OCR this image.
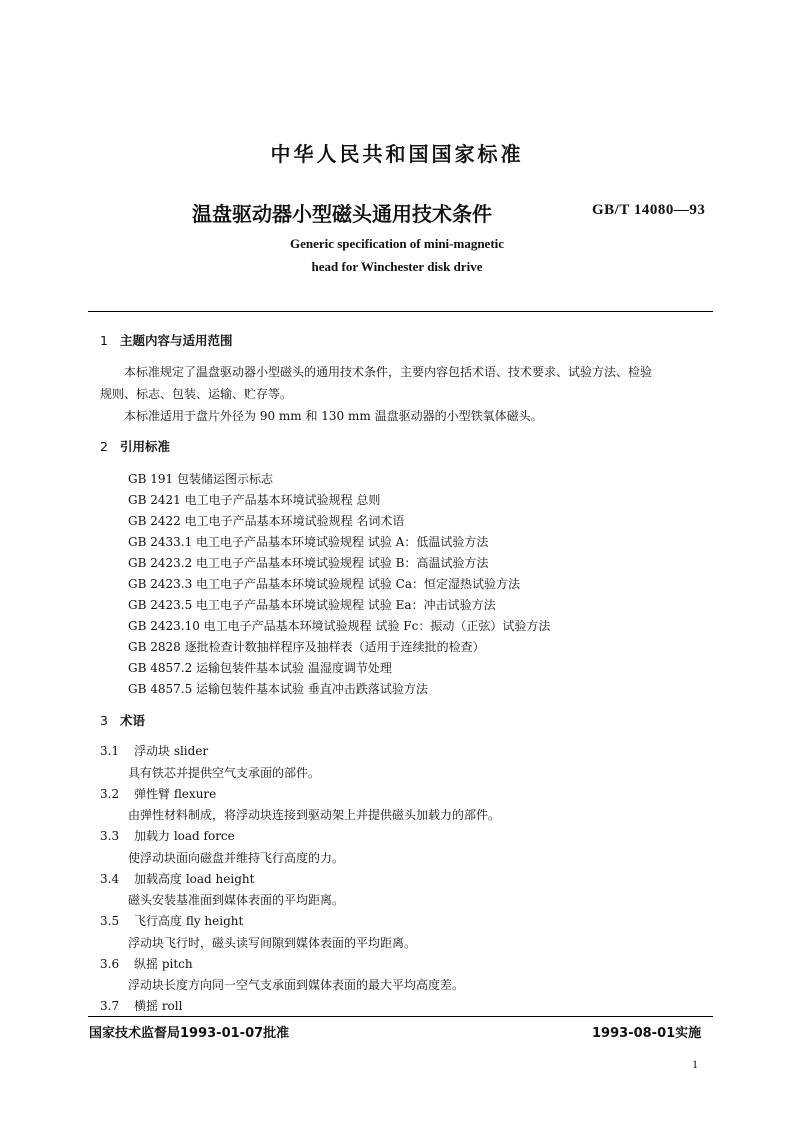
中华人民共和国国家标准
温盘驱动器小型磁头通用技术条件	GB/T 14080—93
Generic specification of mini-magnetic
head for Winchester disk drive
1 主题内容与适用范围
本标准规定了温盘驱动器小型磁头的通用技术条件，主要内容包括术语、技术要求、试验方法、检验
规则、标志、包装、运输、贮存等。
本标准适用于盘片外径为 90 mm 和 130 mm 温盘驱动器的小型铁氧体磁头。
2 引用标准
GB 191 包装储运图示标志
GB 2421 电工电子产品基本环境试验规程 总则
GB 2422 电工电子产品基本环境试验规程 名词术语
GB 2433.1 电工电子产品基本环境试验规程 试验 A：低温试验方法
GB 2423.2 电工电子产品基本环境试验规程 试验 B：高温试验方法
GB 2423.3 电工电子产品基本环境试验规程 试验 Ca：恒定湿热试验方法
GB 2423.5 电工电子产品基本环境试验规程 试验 Ea：冲击试验方法
GB 2423.10 电工电子产品基本环境试验规程 试验 Fc：振动（正弦）试验方法
GB 2828 逐批检查计数抽样程序及抽样表（适用于连续批的检查）
GB 4857.2 运输包装件基本试验 温湿度调节处理
GB 4857.5 运输包装件基本试验 垂直冲击跌落试验方法
3 术语
3.1 浮动块 slider
具有铁芯并提供空气支承面的部件。
3.2 弹性臂 flexure
由弹性材料制成，将浮动块连接到驱动架上并提供磁头加载力的部件。
3.3 加载力 load force
使浮动块面向磁盘并维持飞行高度的力。
3.4 加载高度 load height
磁头安装基准面到媒体表面的平均距离。
3.5 飞行高度 fly height
浮动块飞行时，磁头读写间隙到媒体表面的平均距离。
3.6 纵摇 pitch
浮动块长度方向同一空气支承面到媒体表面的最大平均高度差。
3.7 横摇 roll
国家技术监督局1993-01-07批准	1993-08-01实施
1
